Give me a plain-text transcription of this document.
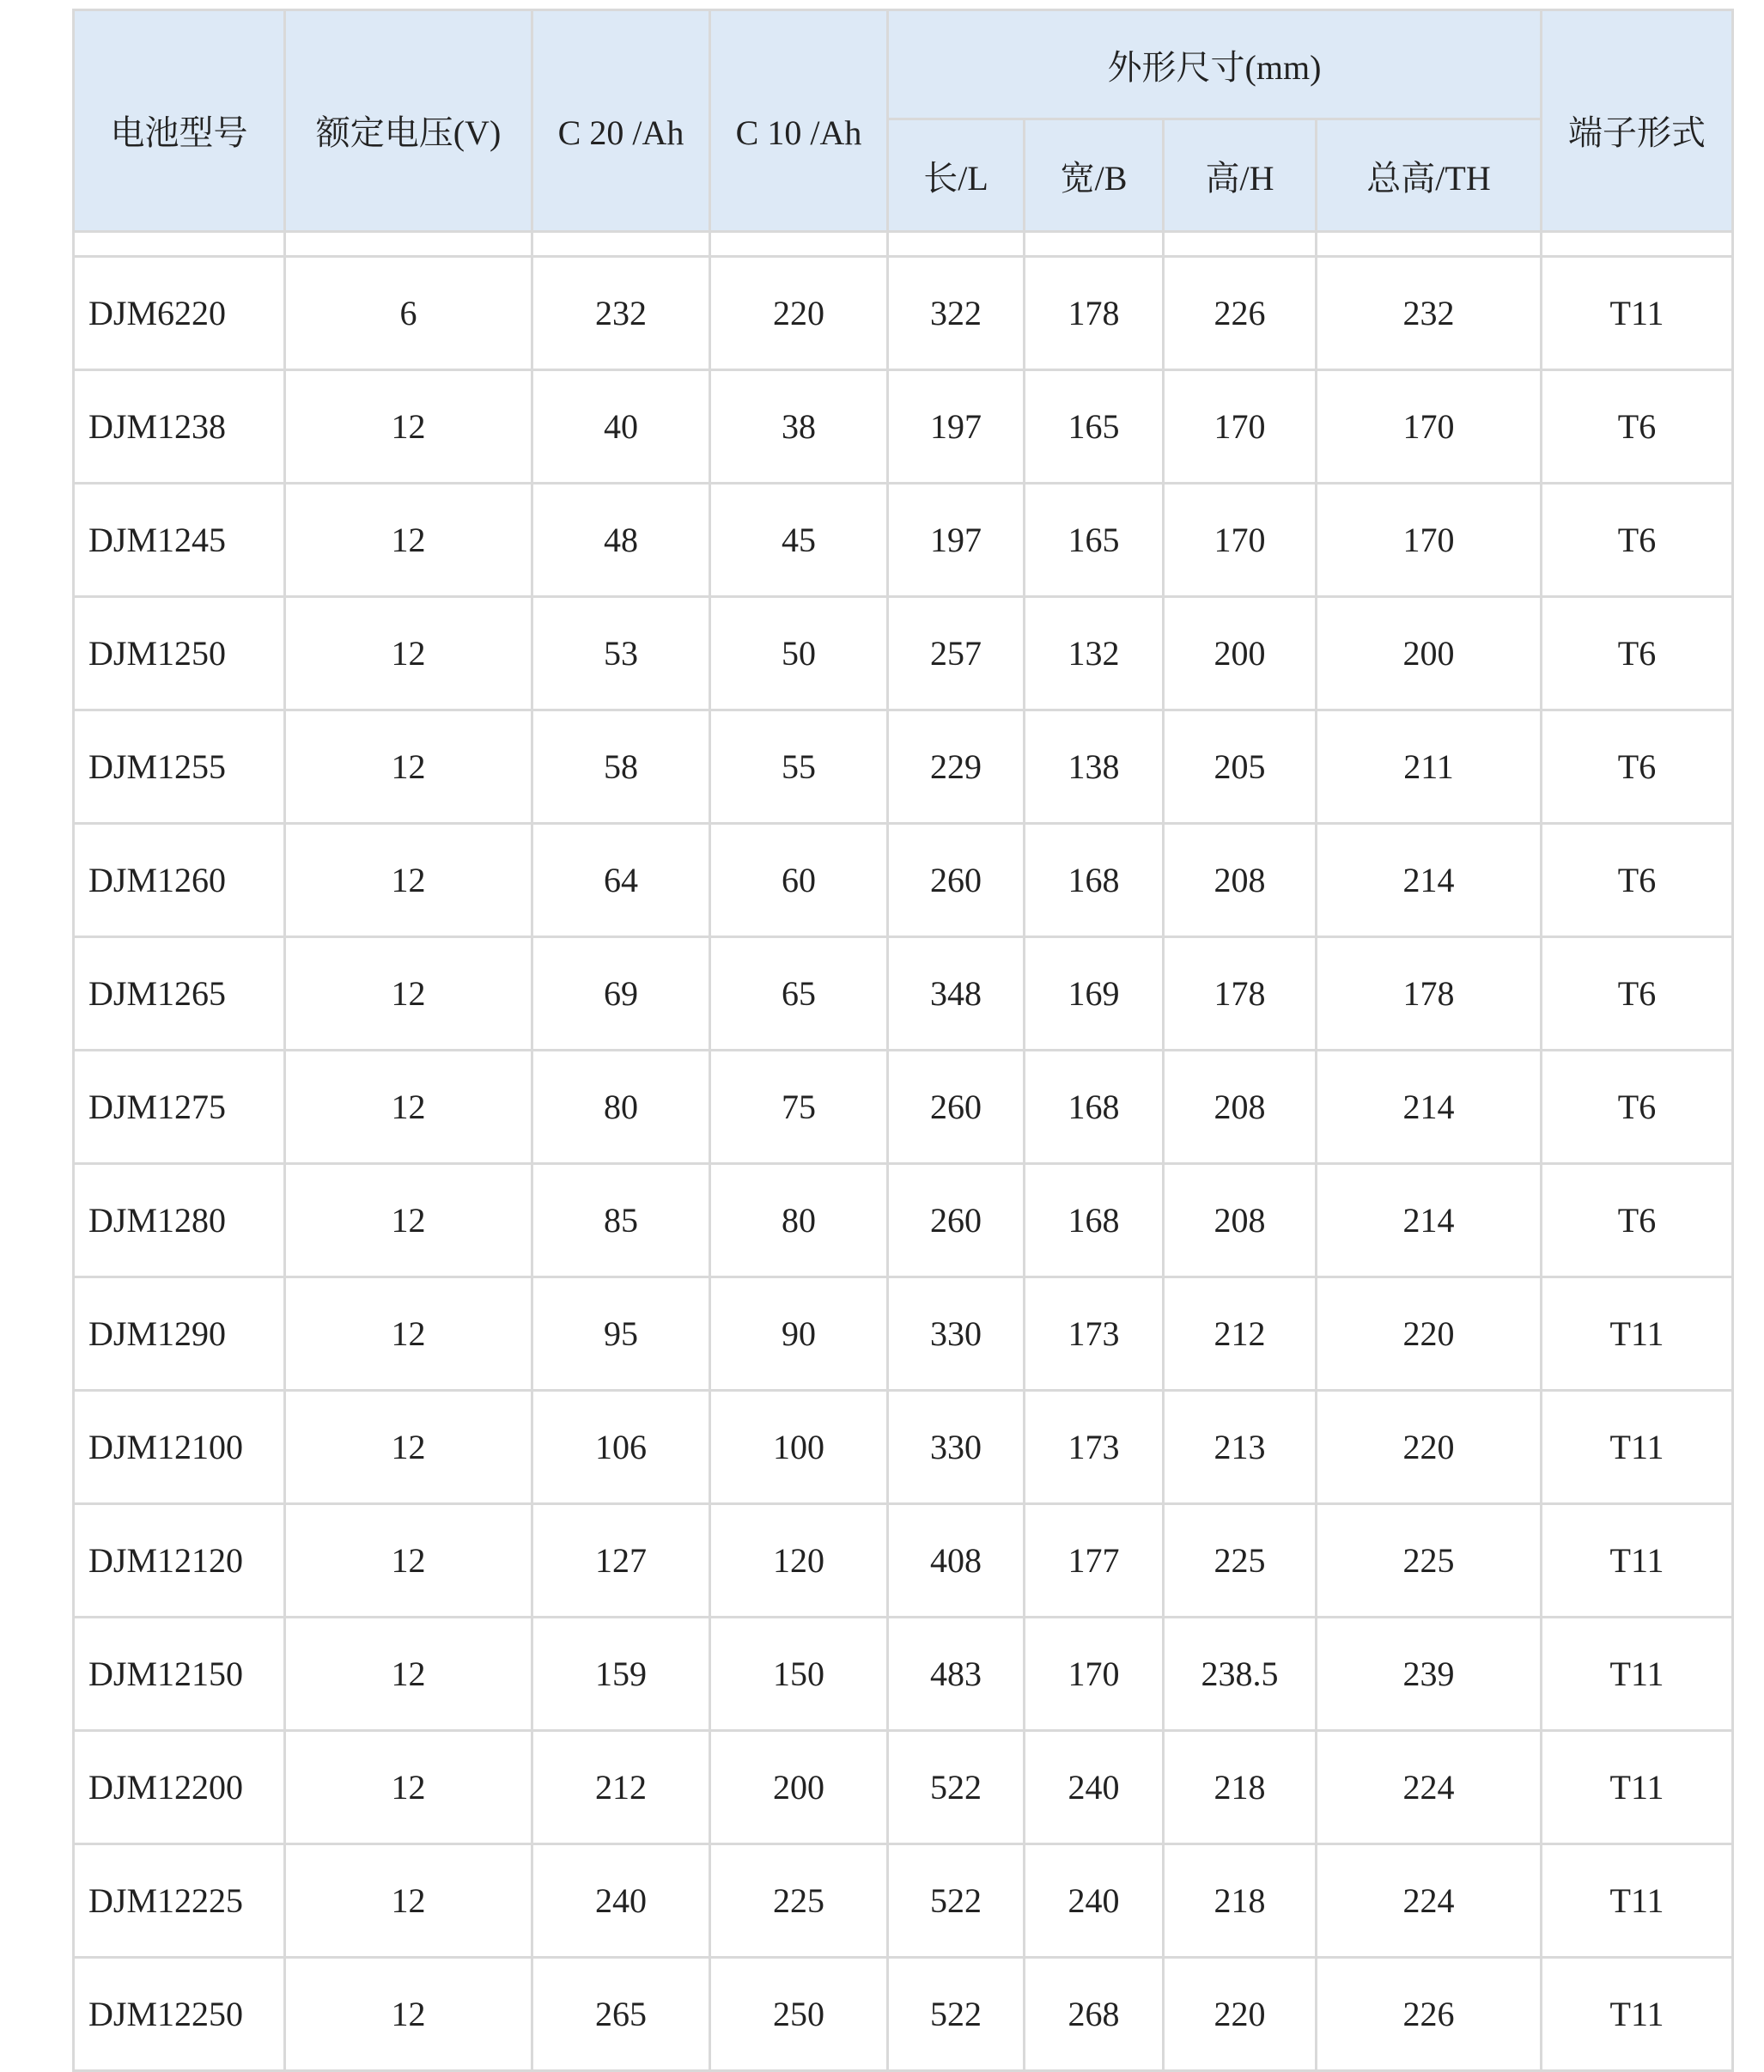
电池型号	额定电压(V)	C 20 /Ah	C 10 /Ah	外形尺寸(mm)				端子形式

				长/L	宽/B	高/H	总高/TH	

DJM6220	6	232	220	322	178	226	232	T11
DJM1238	12	40	38	197	165	170	170	T6
DJM1245	12	48	45	197	165	170	170	T6
DJM1250	12	53	50	257	132	200	200	T6
DJM1255	12	58	55	229	138	205	211	T6
DJM1260	12	64	60	260	168	208	214	T6
DJM1265	12	69	65	348	169	178	178	T6
DJM1275	12	80	75	260	168	208	214	T6
DJM1280	12	85	80	260	168	208	214	T6
DJM1290	12	95	90	330	173	212	220	T11
DJM12100	12	106	100	330	173	213	220	T11
DJM12120	12	127	120	408	177	225	225	T11
DJM12150	12	159	150	483	170	238.5	239	T11
DJM12200	12	212	200	522	240	218	224	T11
DJM12225	12	240	225	522	240	218	224	T11
DJM12250	12	265	250	522	268	220	226	T11
